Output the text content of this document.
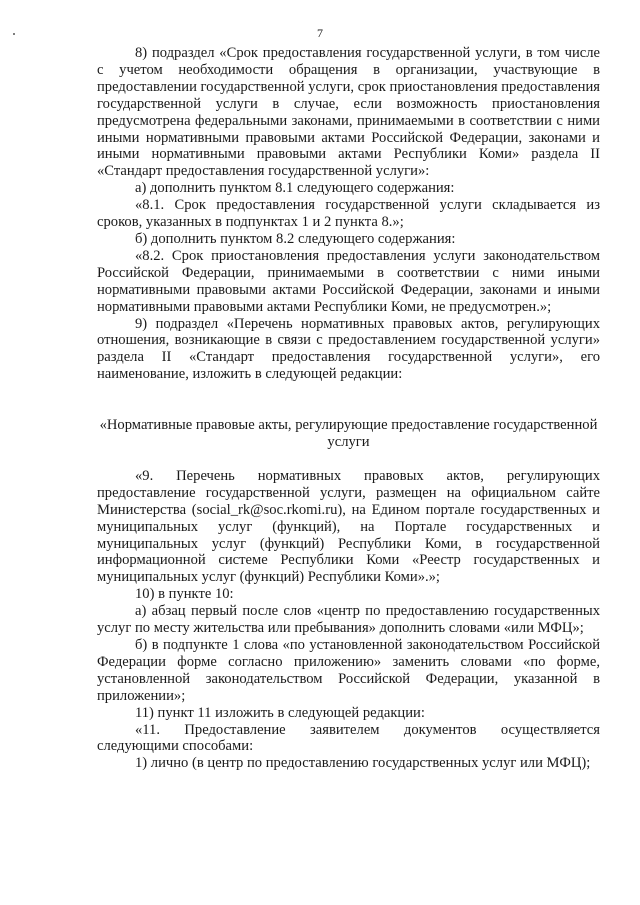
7

8) подраздел «Срок предоставления государственной услуги, в том числе с учетом необходимости обращения в организации, участвующие в предоставлении государственной услуги, срок приостановления предоставления государственной услуги в случае, если возможность приостановления предусмотрена федеральными законами, принимаемыми в соответствии с ними иными нормативными правовыми актами Российской Федерации, законами и иными нормативными правовыми актами Республики Коми» раздела II «Стандарт предоставления государственной услуги»:

а) дополнить пунктом 8.1 следующего содержания:

«8.1. Срок предоставления государственной услуги складывается из сроков, указанных в подпунктах 1 и 2 пункта 8.»;

б) дополнить пунктом 8.2 следующего содержания:

«8.2. Срок приостановления предоставления услуги законодательством Российской Федерации, принимаемыми в соответствии с ними иными нормативными правовыми актами Российской Федерации, законами и иными нормативными правовыми актами Республики Коми, не предусмотрен.»;

9) подраздел «Перечень нормативных правовых актов, регулирующих отношения, возникающие в связи с предоставлением государственной услуги» раздела II «Стандарт предоставления государственной услуги», его наименование, изложить в следующей редакции:

«Нормативные правовые акты, регулирующие предоставление государственной услуги

«9. Перечень нормативных правовых актов, регулирующих предоставление государственной услуги, размещен на официальном сайте Министерства (social_rk@soc.rkomi.ru), на Едином портале государственных и муниципальных услуг (функций), на Портале государственных и муниципальных услуг (функций) Республики Коми, в государственной информационной системе Республики Коми «Реестр государственных и муниципальных услуг (функций) Республики Коми».»;

10) в пункте 10:

а) абзац первый после слов «центр по предоставлению государственных услуг по месту жительства или пребывания» дополнить словами «или МФЦ»;

б) в подпункте 1 слова «по установленной законодательством Российской Федерации форме согласно приложению» заменить словами «по форме, установленной законодательством Российской Федерации, указанной в приложении»;

11) пункт 11 изложить в следующей редакции:

«11. Предоставление заявителем документов осуществляется следующими способами:

1) лично (в центр по предоставлению государственных услуг или МФЦ);
